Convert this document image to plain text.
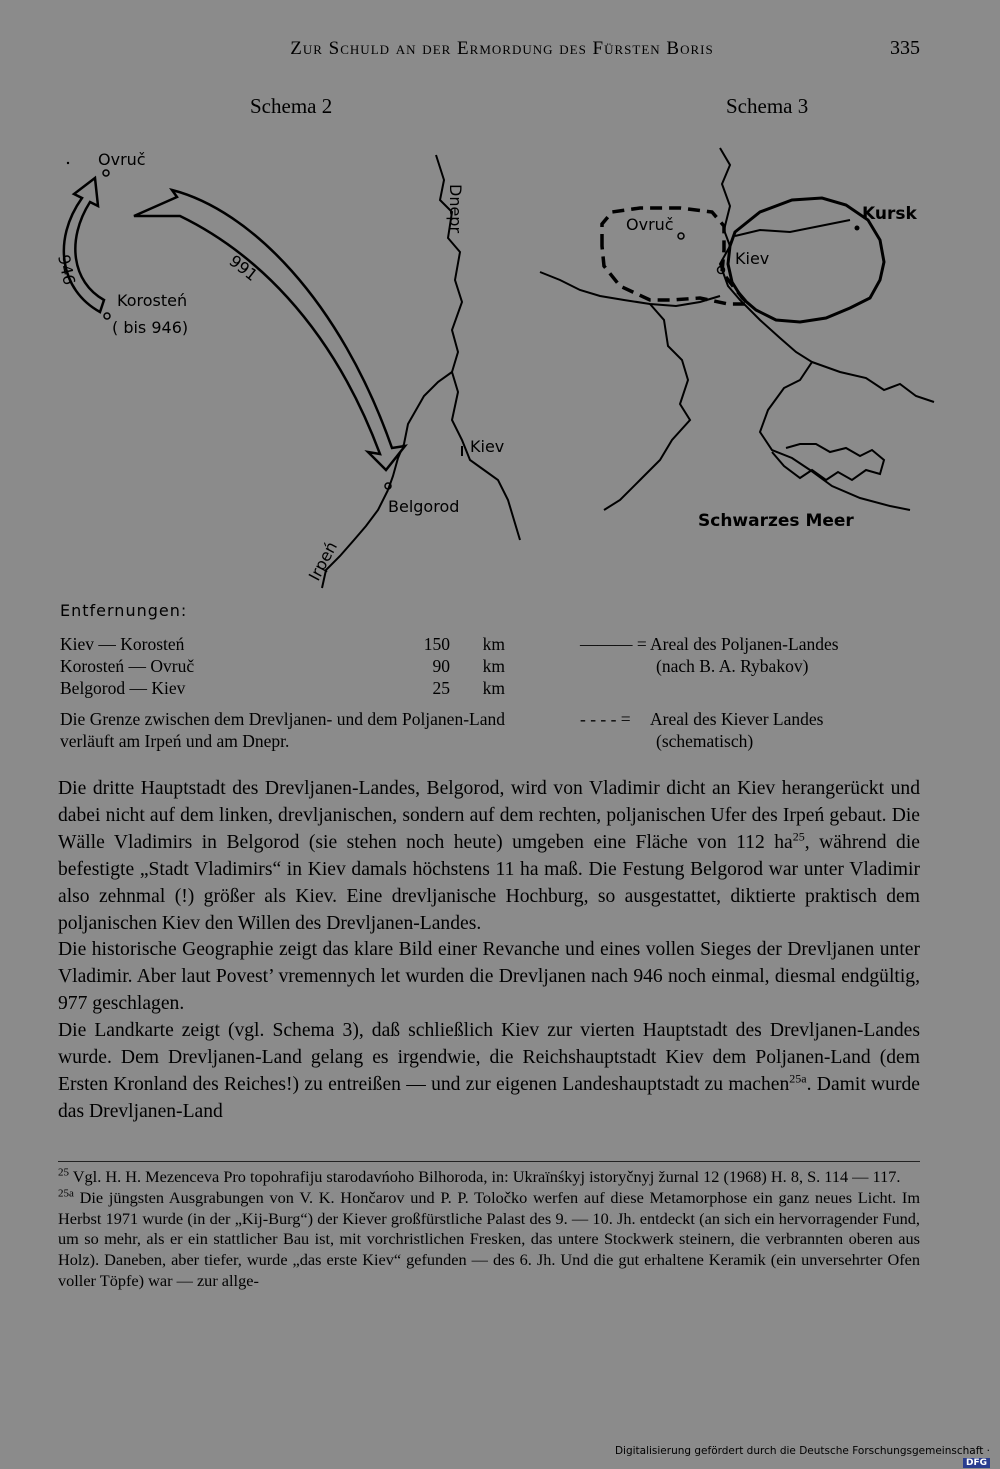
Zur Schuld an der Ermordung des Fürsten Boris	335
Schema 2	Schema 3
Ovruč
Korosteń
( bis 946)
946	991
Dnepr
Kiev
Belgorod
Irpeń
Ovruč
Kiev
Kursk
Schwarzes Meer
Entfernungen:
Kiev — Korosteń	150 km
Korosteń — Ovruč	90 km
Belgorod — Kiev	25 km
Die Grenze zwischen dem Drevljanen- und dem Poljanen-Land verläuft am Irpeń und am Dnepr.
——— = Areal des Poljanen-Landes
(nach B. A. Rybakov)
- - - - = Areal des Kiever Landes
(schematisch)

Die dritte Hauptstadt des Drevljanen-Landes, Belgorod, wird von Vladimir dicht an Kiev herangerückt und dabei nicht auf dem linken, drevljanischen, sondern auf dem rechten, poljanischen Ufer des Irpeń gebaut. Die Wälle Vladimirs in Belgorod (sie stehen noch heute) umgeben eine Fläche von 112 $ha^{25}$, während die befestigte „Stadt Vladimirs“ in Kiev damals höchstens 11 ha maß. Die Festung Belgorod war unter Vladimir also zehnmal (!) größer als Kiev. Eine drevljanische Hochburg, so ausgestattet, diktierte praktisch dem poljanischen Kiev den Willen des Drevljanen-Landes.

Die historische Geographie zeigt das klare Bild einer Revanche und eines vollen Sieges der Drevljanen unter Vladimir. Aber laut Povest’ vremennych let wurden die Drevljanen nach 946 noch einmal, diesmal endgültig, 977 geschlagen.

Die Landkarte zeigt (vgl. Schema 3), daß schließlich Kiev zur vierten Hauptstadt des Drevljanen-Landes wurde. Dem Drevljanen-Land gelang es irgendwie, die Reichshauptstadt Kiev dem Poljanen-Land (dem Ersten Kronland des Reiches!) zu entreißen — und zur eigenen Landeshauptstadt zu machen$^{25a}$. Damit wurde das Drevljanen-Land

$^{25}$ Vgl. H. H. Mezenceva Pro topohrafiju starodavńoho Bilhoroda, in: Ukraïnśkyj istoryčnyj žurnal 12 (1968) H. 8, S. 114 — 117.

$^{25a}$ Die jüngsten Ausgrabungen von V. K. Hončarov und P. P. Toločko werfen auf diese Metamorphose ein ganz neues Licht. Im Herbst 1971 wurde (in der „Kij-Burg“) der Kiever großfürstliche Palast des 9. — 10. Jh. entdeckt (an sich ein hervorragender Fund, um so mehr, als er ein stattlicher Bau ist, mit vorchristlichen Fresken, das untere Stockwerk steinern, die verbrannten oberen aus Holz). Daneben, aber tiefer, wurde „das erste Kiev“ gefunden — des 6. Jh. Und die gut erhaltene Keramik (ein unversehrter Ofen voller Töpfe) war — zur allge-

Digitalisierung gefördert durch die Deutsche Forschungsgemeinschaft ·DFG
